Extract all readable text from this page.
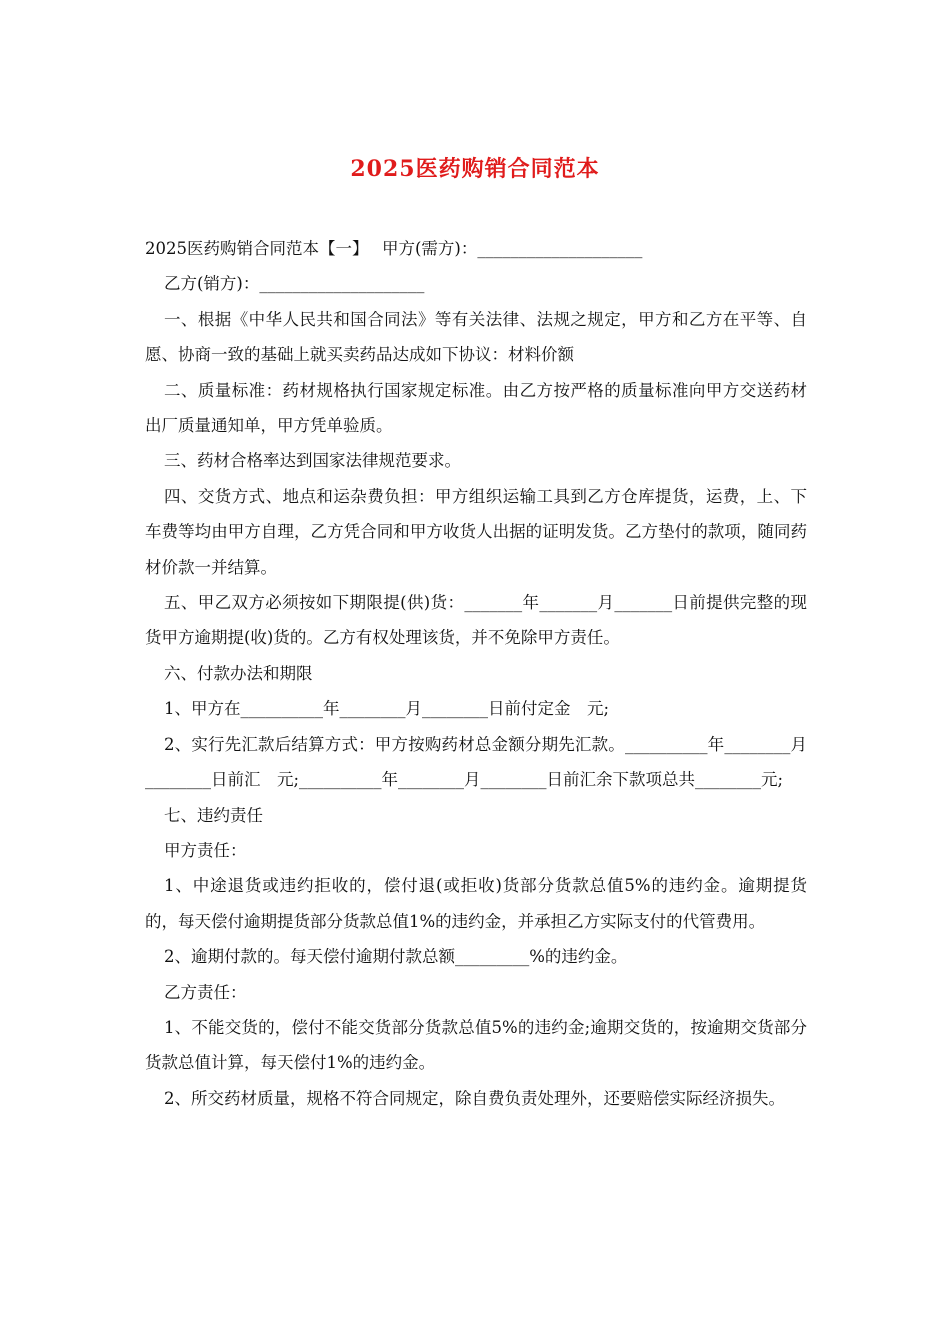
2025医药购销合同范本

2025医药购销合同范本【一】　 甲方(需方)：____________________

乙方(销方)：____________________

一、根据《中华人民共和国合同法》等有关法律、法规之规定，甲方和乙方在平等、自愿、协商一致的基础上就买卖药品达成如下协议：材料价额

二、质量标准：药材规格执行国家规定标准。由乙方按严格的质量标准向甲方交送药材出厂质量通知单，甲方凭单验质。

三、药材合格率达到国家法律规范要求。

四、交货方式、地点和运杂费负担：甲方组织运输工具到乙方仓库提货，运费，上、下车费等均由甲方自理，乙方凭合同和甲方收货人出据的证明发货。乙方垫付的款项，随同药材价款一并结算。

五、甲乙双方必须按如下期限提(供)货：_______年_______月_______日前提供完整的现货甲方逾期提(收)货的。乙方有权处理该货，并不免除甲方责任。

六、付款办法和期限

1、甲方在__________年________月________日前付定金　元;

2、实行先汇款后结算方式：甲方按购药材总金额分期先汇款。__________年________月________日前汇　元;__________年________月________日前汇余下款项总共________元;

七、违约责任

甲方责任：

1、中途退货或违约拒收的，偿付退(或拒收)货部分货款总值5%的违约金。逾期提货的，每天偿付逾期提货部分货款总值1%的违约金，并承担乙方实际支付的代管费用。

2、逾期付款的。每天偿付逾期付款总额_________%的违约金。

乙方责任：

1、不能交货的，偿付不能交货部分货款总值5%的违约金;逾期交货的，按逾期交货部分货款总值计算，每天偿付1%的违约金。

2、所交药材质量，规格不符合同规定，除自费负责处理外，还要赔偿实际经济损失。
